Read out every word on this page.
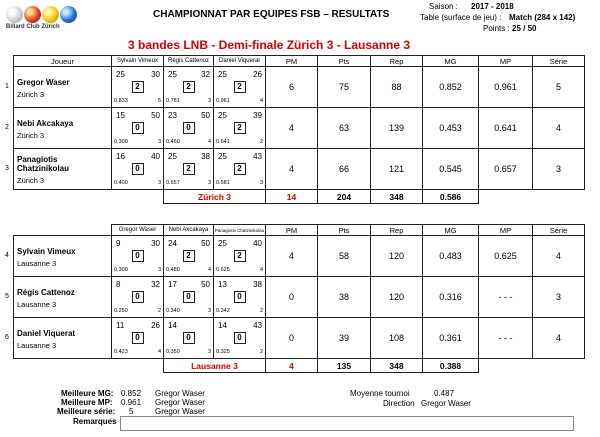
Billard Club Zürich
CHAMPIONNAT PAR EQUIPES FSB – RESULTATS
Saison : 2017 - 2018
Table (surface de jeu) : Match (284 x 142)
Points : 25 / 50
3 bandes LNB - Demi-finale Zürich 3 - Lausanne 3
Joueur	Sylvain Vimeux	Régis Cattenoz	Daniel Viquerat	PM	Pts	Rep	MG	MP	Série

1 Gregor Waser
Zürich 3	25 30
2
0.833 5	25 32
2
0.781 3	25 26
2
0.961 4	6	75	88	0.852	0.961	5

2 Nebi Akcakaya
Zürich 3	15 50
0
0.300 3	23 50
0
0.460 4	25 39
2
0.641 2	4	63	139	0.453	0.641	4

3
Panagiotis Chatzinikolau
Zürich 3	16 40
0
0.400 3	25 38
2
0.657 3	25 43
2
0.581 3	4	66	121	0.545	0.657	3
		Zürich 3		14	204	348	0.586		
	Gregor Waser	Nebi Akcakaya	Panagiotis Chatzinikolau	PM	Pts	Rep	MG	MP	Série

4 Sylvain Vimeux
Lausanne 3	9 30
0
0.300 3	24 50
2
0.480 4	25 40
2
0.625 4	4	58	120	0.483	0.625	4

5 Régis Cattenoz
Lausanne 3	8 32
0
0.250 2	17 50
0
0.340 3	13 38
0
0.342 2	0	38	120	0.316	- - -	3

6 Daniel Viquerat
Lausanne 3	11 26
0
0.423 4	14
0
0.350 3	14 43
0
0.325 2	0	39	108	0.361	- - -	4
		Lausanne 3		4	135	348	0.388		
Meilleure MG: 0.852 Gregor Waser
Meilleure MP: 0.961 Gregor Waser
Meilleure série: 5	Gregor Waser
Remarques
Moyenne tournoi	0.487
Direction Gregor Waser
